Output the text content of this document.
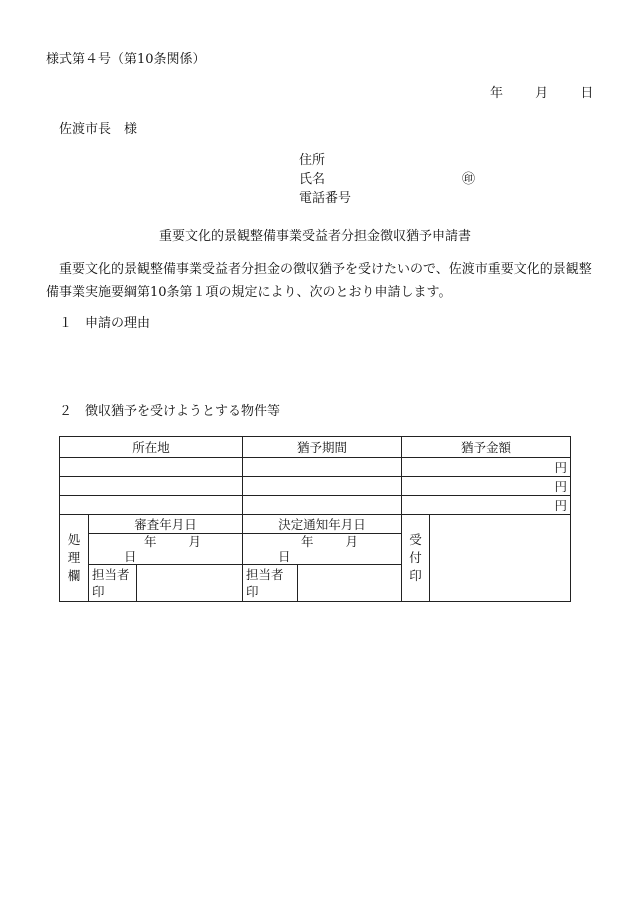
様式第４号（第10条関係）
年 月 日
佐渡市長　様
住所
氏名	㊞
電話番号
重要文化的景観整備事業受益者分担金徴収猶予申請書
重要文化的景観整備事業受益者分担金の徴収猶予を受けたいので、佐渡市重要文化的景観整備事業実施要綱第10条第１項の規定により、次のとおり申請します。
１　申請の理由
２　徴収猶予を受けようとする物件等
所在地			猶予期間		猶予金額	
					円	
					円	
					円	

処理欄	審査年月日		決定通知年月日		受付印	

	年 月日		年 月日			
	担当者印		担当者印			
